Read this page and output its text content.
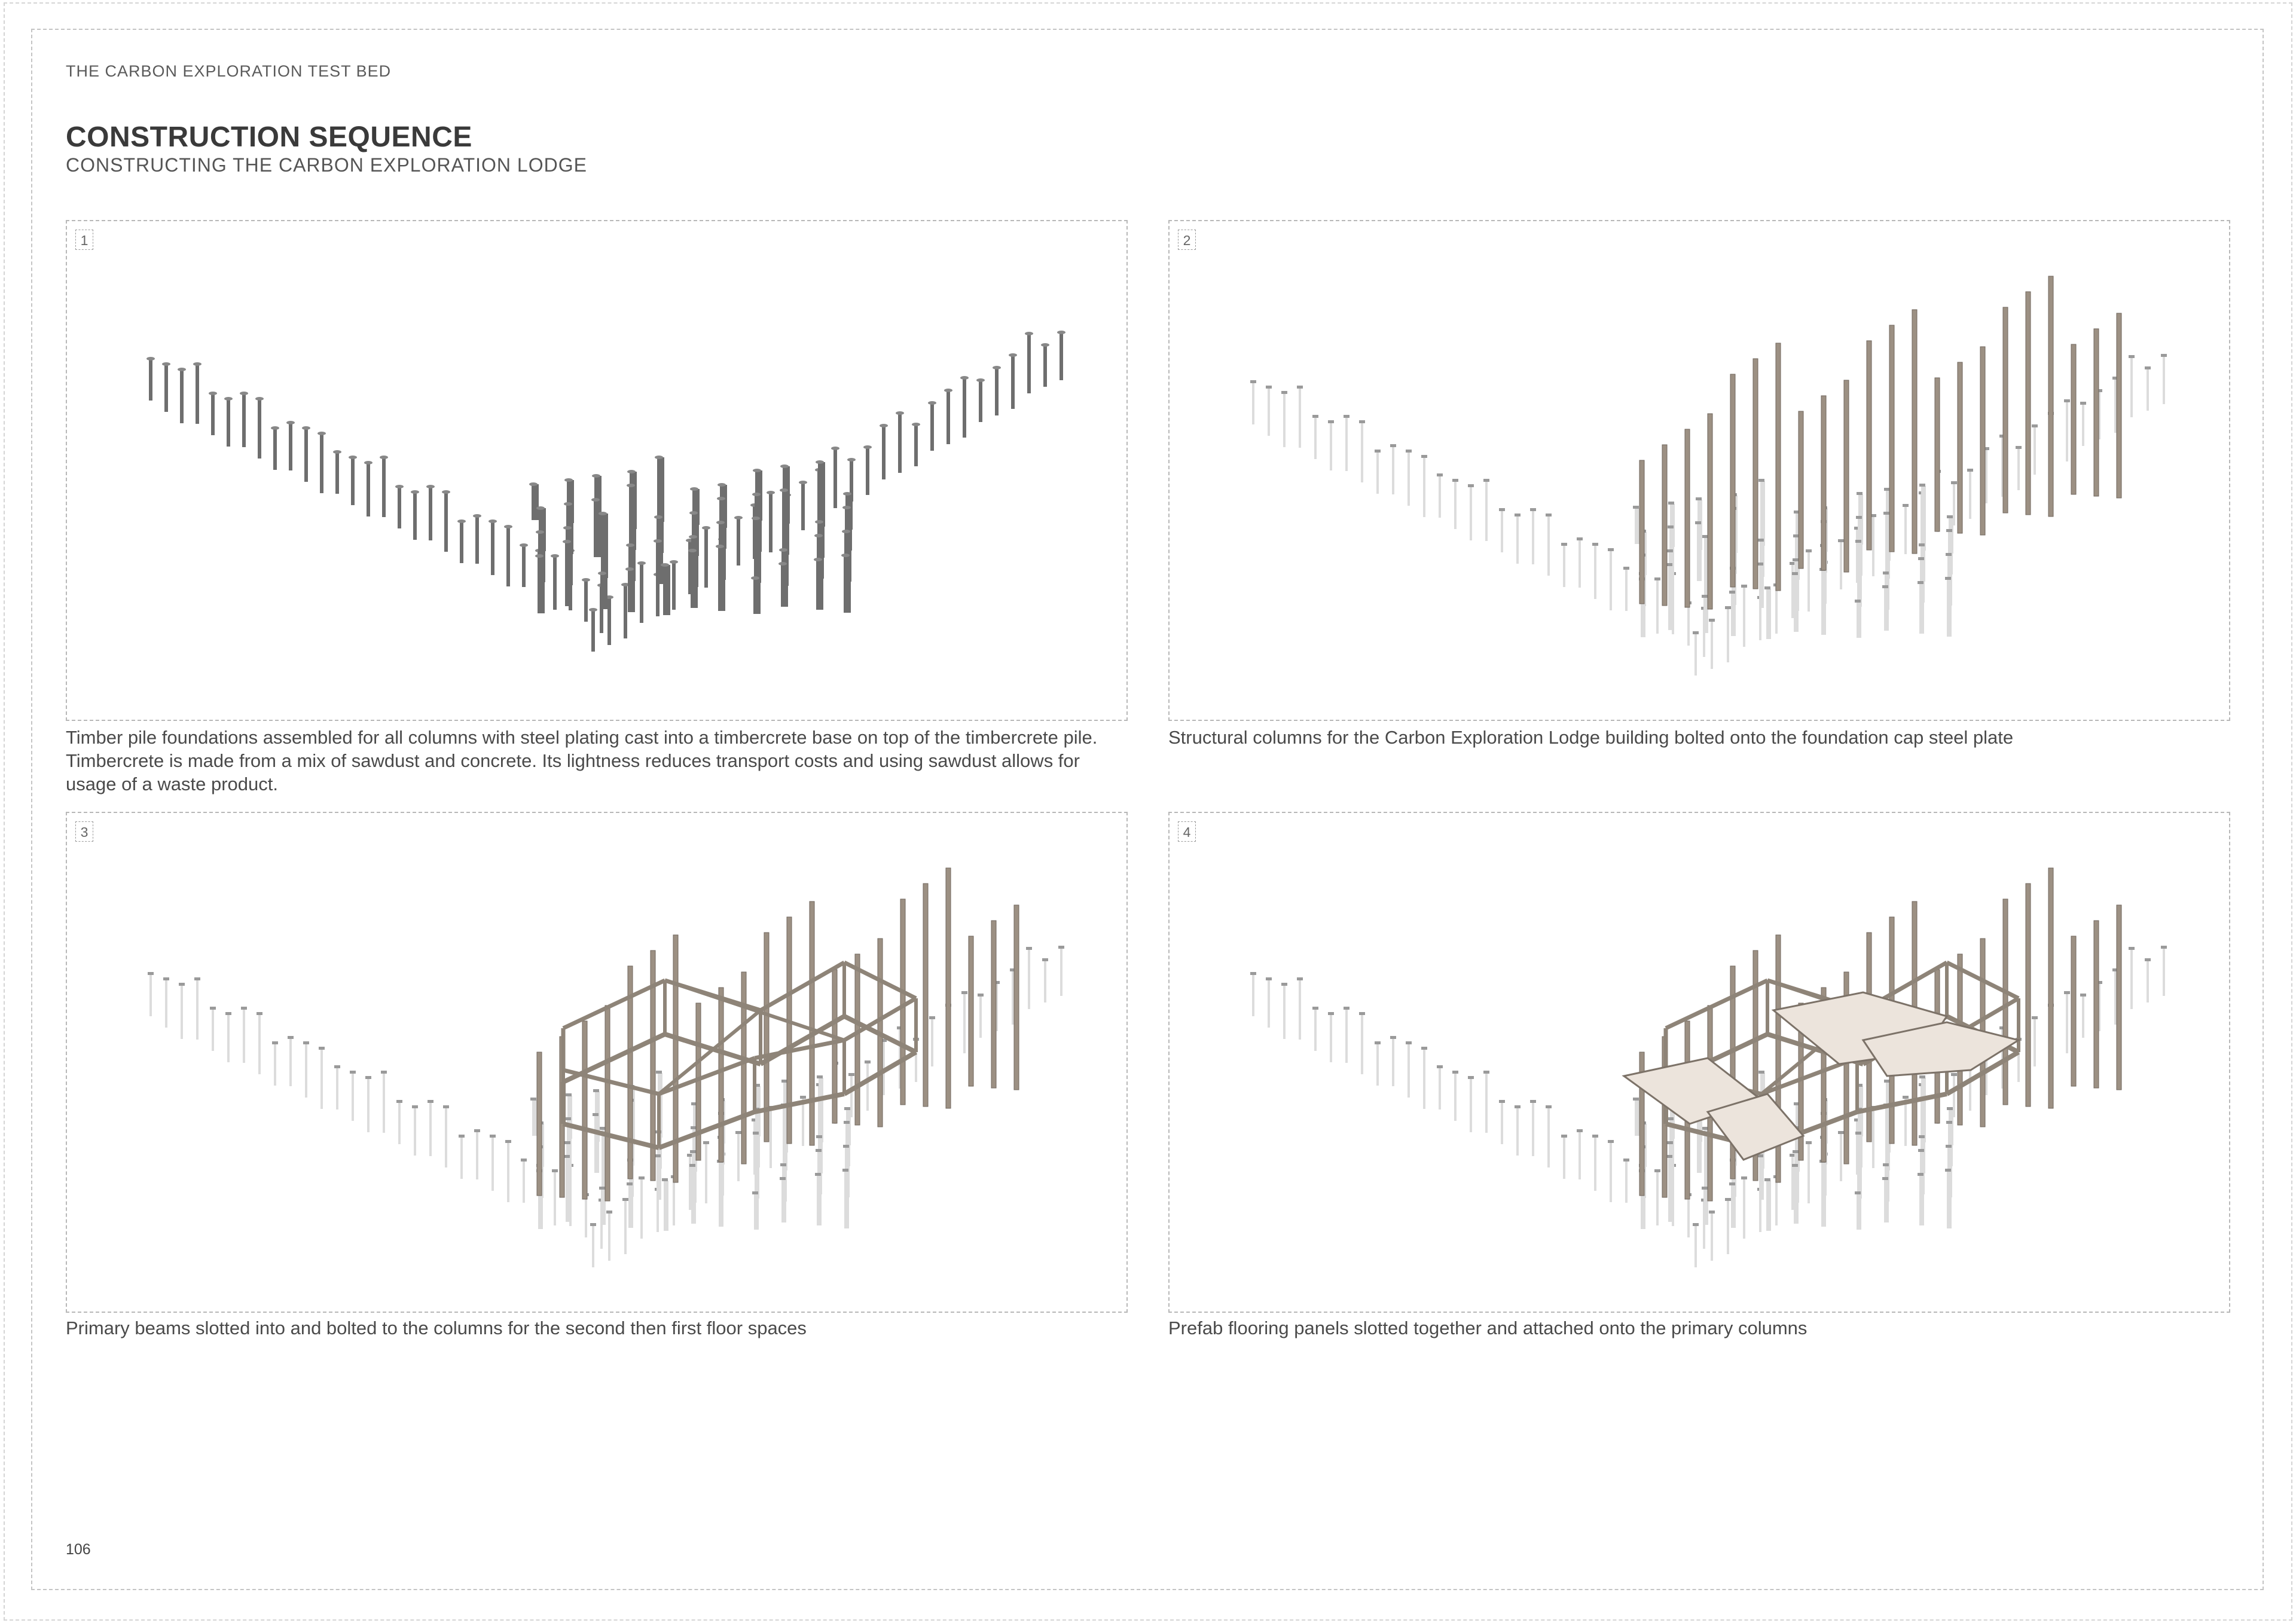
THE CARBON EXPLORATION TEST BED
CONSTRUCTION SEQUENCE
CONSTRUCTING THE CARBON EXPLORATION LODGE
1
Timber pile foundations assembled for all columns with steel plating cast into a timbercrete base on top of the timbercrete pile. Timbercrete is made from a mix of sawdust and concrete. Its lightness reduces transport costs and using sawdust allows for usage of a waste product.
2
Structural columns for the Carbon Exploration Lodge building bolted onto the foundation cap steel plate
3
Primary beams slotted into and bolted to the columns for the second then first floor spaces
4
Prefab flooring panels slotted together and attached onto the primary columns
106
